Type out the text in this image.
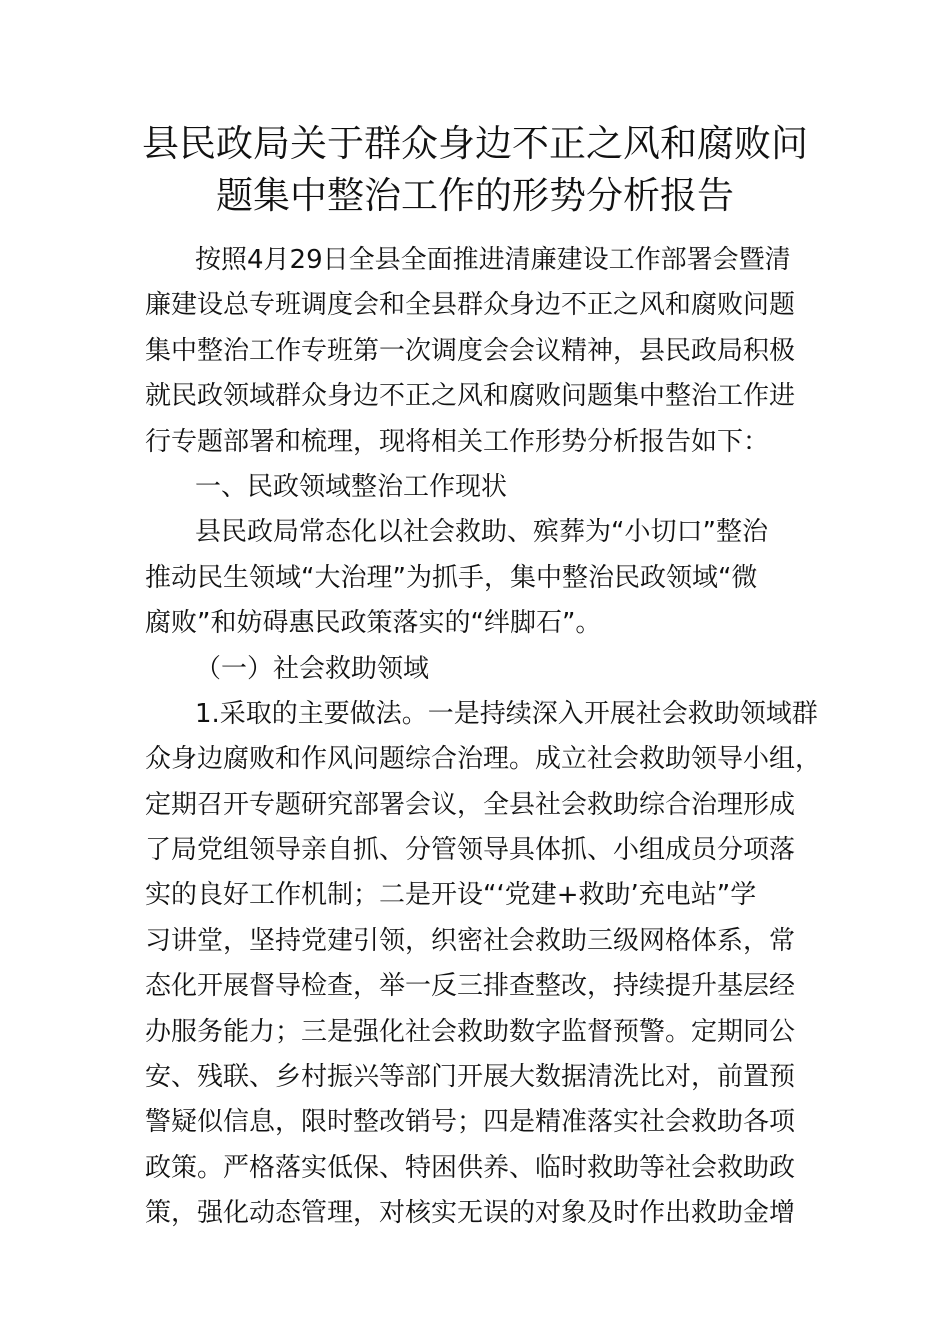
县民政局关于群众身边不正之风和腐败问
题集中整治工作的形势分析报告
按照4月29日全县全面推进清廉建设工作部署会暨清
廉建设总专班调度会和全县群众身边不正之风和腐败问题
集中整治工作专班第一次调度会会议精神，县民政局积极
就民政领域群众身边不正之风和腐败问题集中整治工作进
行专题部署和梳理，现将相关工作形势分析报告如下：
一、民政领域整治工作现状
县民政局常态化以社会救助、殡葬为“小切口”整治
推动民生领域“大治理”为抓手，集中整治民政领域“微
腐败”和妨碍惠民政策落实的“绊脚石”。
（一）社会救助领域
1.采取的主要做法。一是持续深入开展社会救助领域群
众身边腐败和作风问题综合治理。成立社会救助领导小组，
定期召开专题研究部署会议，全县社会救助综合治理形成
了局党组领导亲自抓、分管领导具体抓、小组成员分项落
实的良好工作机制；二是开设“‘党建+救助’充电站”学
习讲堂，坚持党建引领，织密社会救助三级网格体系，常
态化开展督导检查，举一反三排查整改，持续提升基层经
办服务能力；三是强化社会救助数字监督预警。定期同公
安、残联、乡村振兴等部门开展大数据清洗比对，前置预
警疑似信息，限时整改销号；四是精准落实社会救助各项
政策。严格落实低保、特困供养、临时救助等社会救助政
策，强化动态管理，对核实无误的对象及时作出救助金增
